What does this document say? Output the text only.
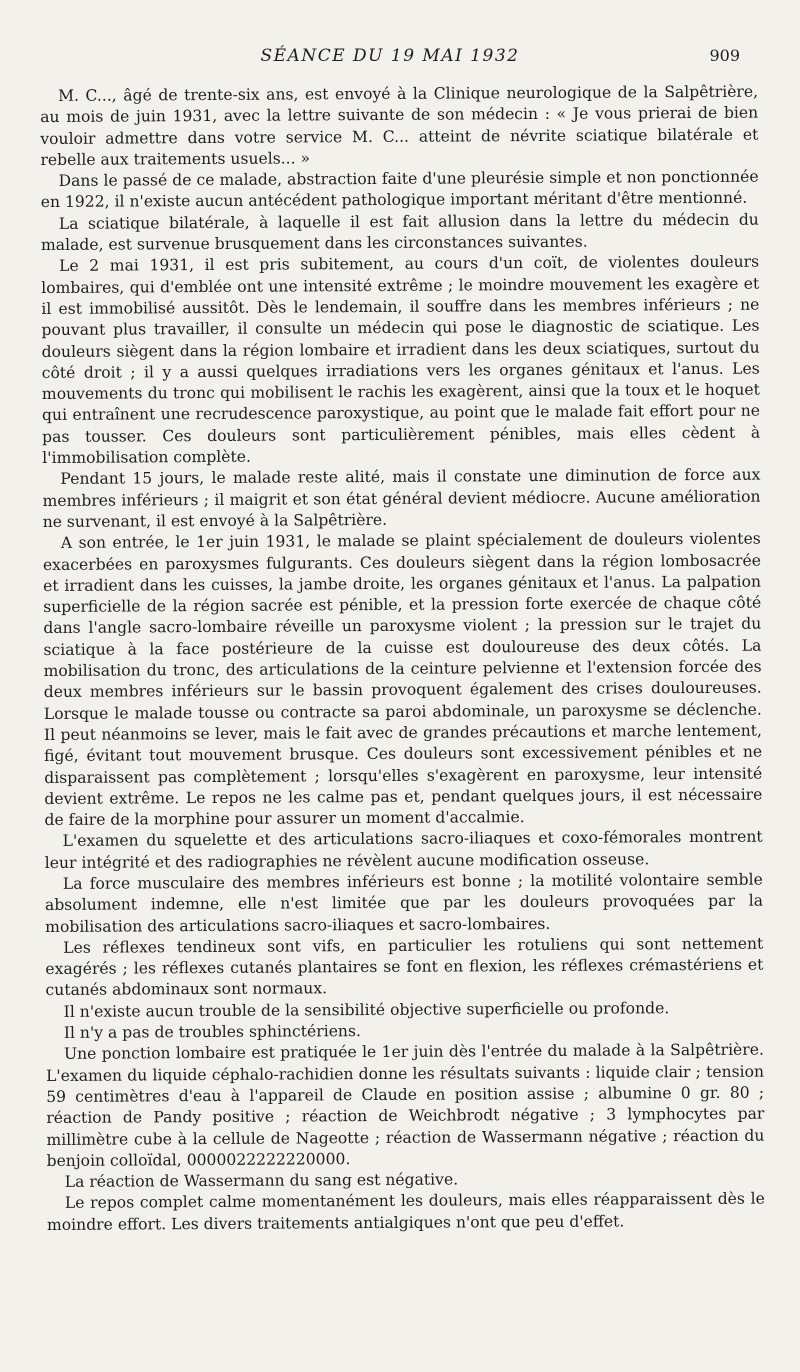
SÉANCE DU 19 MAI 1932	909

M. C..., âgé de trente-six ans, est envoyé à la Clinique neurologique de la Salpêtrière, au mois de juin 1931, avec la lettre suivante de son médecin : « Je vous prierai de bien vouloir admettre dans votre service M. C... atteint de névrite sciatique bilatérale et rebelle aux traitements usuels... »

Dans le passé de ce malade, abstraction faite d'une pleurésie simple et non ponctionnée en 1922, il n'existe aucun antécédent pathologique important méritant d'être mentionné.

La sciatique bilatérale, à laquelle il est fait allusion dans la lettre du médecin du malade, est survenue brusquement dans les circonstances suivantes.

Le 2 mai 1931, il est pris subitement, au cours d'un coït, de violentes douleurs lombaires, qui d'emblée ont une intensité extrême ; le moindre mouvement les exagère et il est immobilisé aussitôt. Dès le lendemain, il souffre dans les membres inférieurs ; ne pouvant plus travailler, il consulte un médecin qui pose le diagnostic de sciatique. Les douleurs siègent dans la région lombaire et irradient dans les deux sciatiques, surtout du côté droit ; il y a aussi quelques irradiations vers les organes génitaux et l'anus. Les mouvements du tronc qui mobilisent le rachis les exagèrent, ainsi que la toux et le hoquet qui entraînent une recrudescence paroxystique, au point que le malade fait effort pour ne pas tousser. Ces douleurs sont particulièrement pénibles, mais elles cèdent à l'immobilisation complète.

Pendant 15 jours, le malade reste alité, mais il constate une diminution de force aux membres inférieurs ; il maigrit et son état général devient médiocre. Aucune amélioration ne survenant, il est envoyé à la Salpêtrière.

A son entrée, le 1er juin 1931, le malade se plaint spécialement de douleurs violentes exacerbées en paroxysmes fulgurants. Ces douleurs siègent dans la région lombosacrée et irradient dans les cuisses, la jambe droite, les organes génitaux et l'anus. La palpation superficielle de la région sacrée est pénible, et la pression forte exercée de chaque côté dans l'angle sacro-lombaire réveille un paroxysme violent ; la pression sur le trajet du sciatique à la face postérieure de la cuisse est douloureuse des deux côtés. La mobilisation du tronc, des articulations de la ceinture pelvienne et l'extension forcée des deux membres inférieurs sur le bassin provoquent également des crises douloureuses. Lorsque le malade tousse ou contracte sa paroi abdominale, un paroxysme se déclenche. Il peut néanmoins se lever, mais le fait avec de grandes précautions et marche lentement, figé, évitant tout mouvement brusque. Ces douleurs sont excessivement pénibles et ne disparaissent pas complètement ; lorsqu'elles s'exagèrent en paroxysme, leur intensité devient extrême. Le repos ne les calme pas et, pendant quelques jours, il est nécessaire de faire de la morphine pour assurer un moment d'accalmie.

L'examen du squelette et des articulations sacro-iliaques et coxo-fémorales montrent leur intégrité et des radiographies ne révèlent aucune modification osseuse.

La force musculaire des membres inférieurs est bonne ; la motilité volontaire semble absolument indemne, elle n'est limitée que par les douleurs provoquées par la mobilisation des articulations sacro-iliaques et sacro-lombaires.

Les réflexes tendineux sont vifs, en particulier les rotuliens qui sont nettement exagérés ; les réflexes cutanés plantaires se font en flexion, les réflexes crémastériens et cutanés abdominaux sont normaux.

Il n'existe aucun trouble de la sensibilité objective superficielle ou profonde.

Il n'y a pas de troubles sphinctériens.

Une ponction lombaire est pratiquée le 1er juin dès l'entrée du malade à la Salpêtrière. L'examen du liquide céphalo-rachidien donne les résultats suivants : liquide clair ; tension 59 centimètres d'eau à l'appareil de Claude en position assise ; albumine 0 gr. 80 ; réaction de Pandy positive ; réaction de Weichbrodt négative ; 3 lymphocytes par millimètre cube à la cellule de Nageotte ; réaction de Wassermann négative ; réaction du benjoin colloïdal, 0000022222220000.

La réaction de Wassermann du sang est négative.

Le repos complet calme momentanément les douleurs, mais elles réapparaissent dès le moindre effort. Les divers traitements antialgiques n'ont que peu d'effet.
